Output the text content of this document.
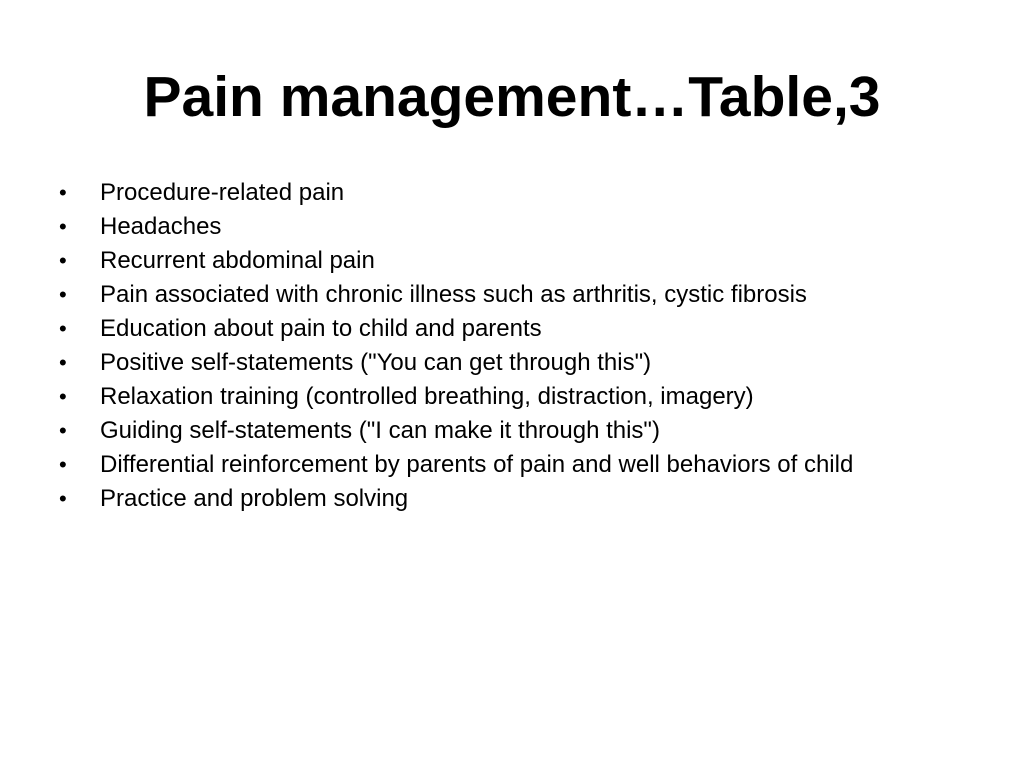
Pain management…Table,3
• Procedure-related pain
• Headaches
• Recurrent abdominal pain
• Pain associated with chronic illness such as arthritis, cystic fibrosis
• Education about pain to child and parents
• Positive self-statements ("You can get through this")
• Relaxation training (controlled breathing, distraction, imagery)
• Guiding self-statements ("I can make it through this")
• Differential reinforcement by parents of pain and well behaviors of child
• Practice and problem solving
